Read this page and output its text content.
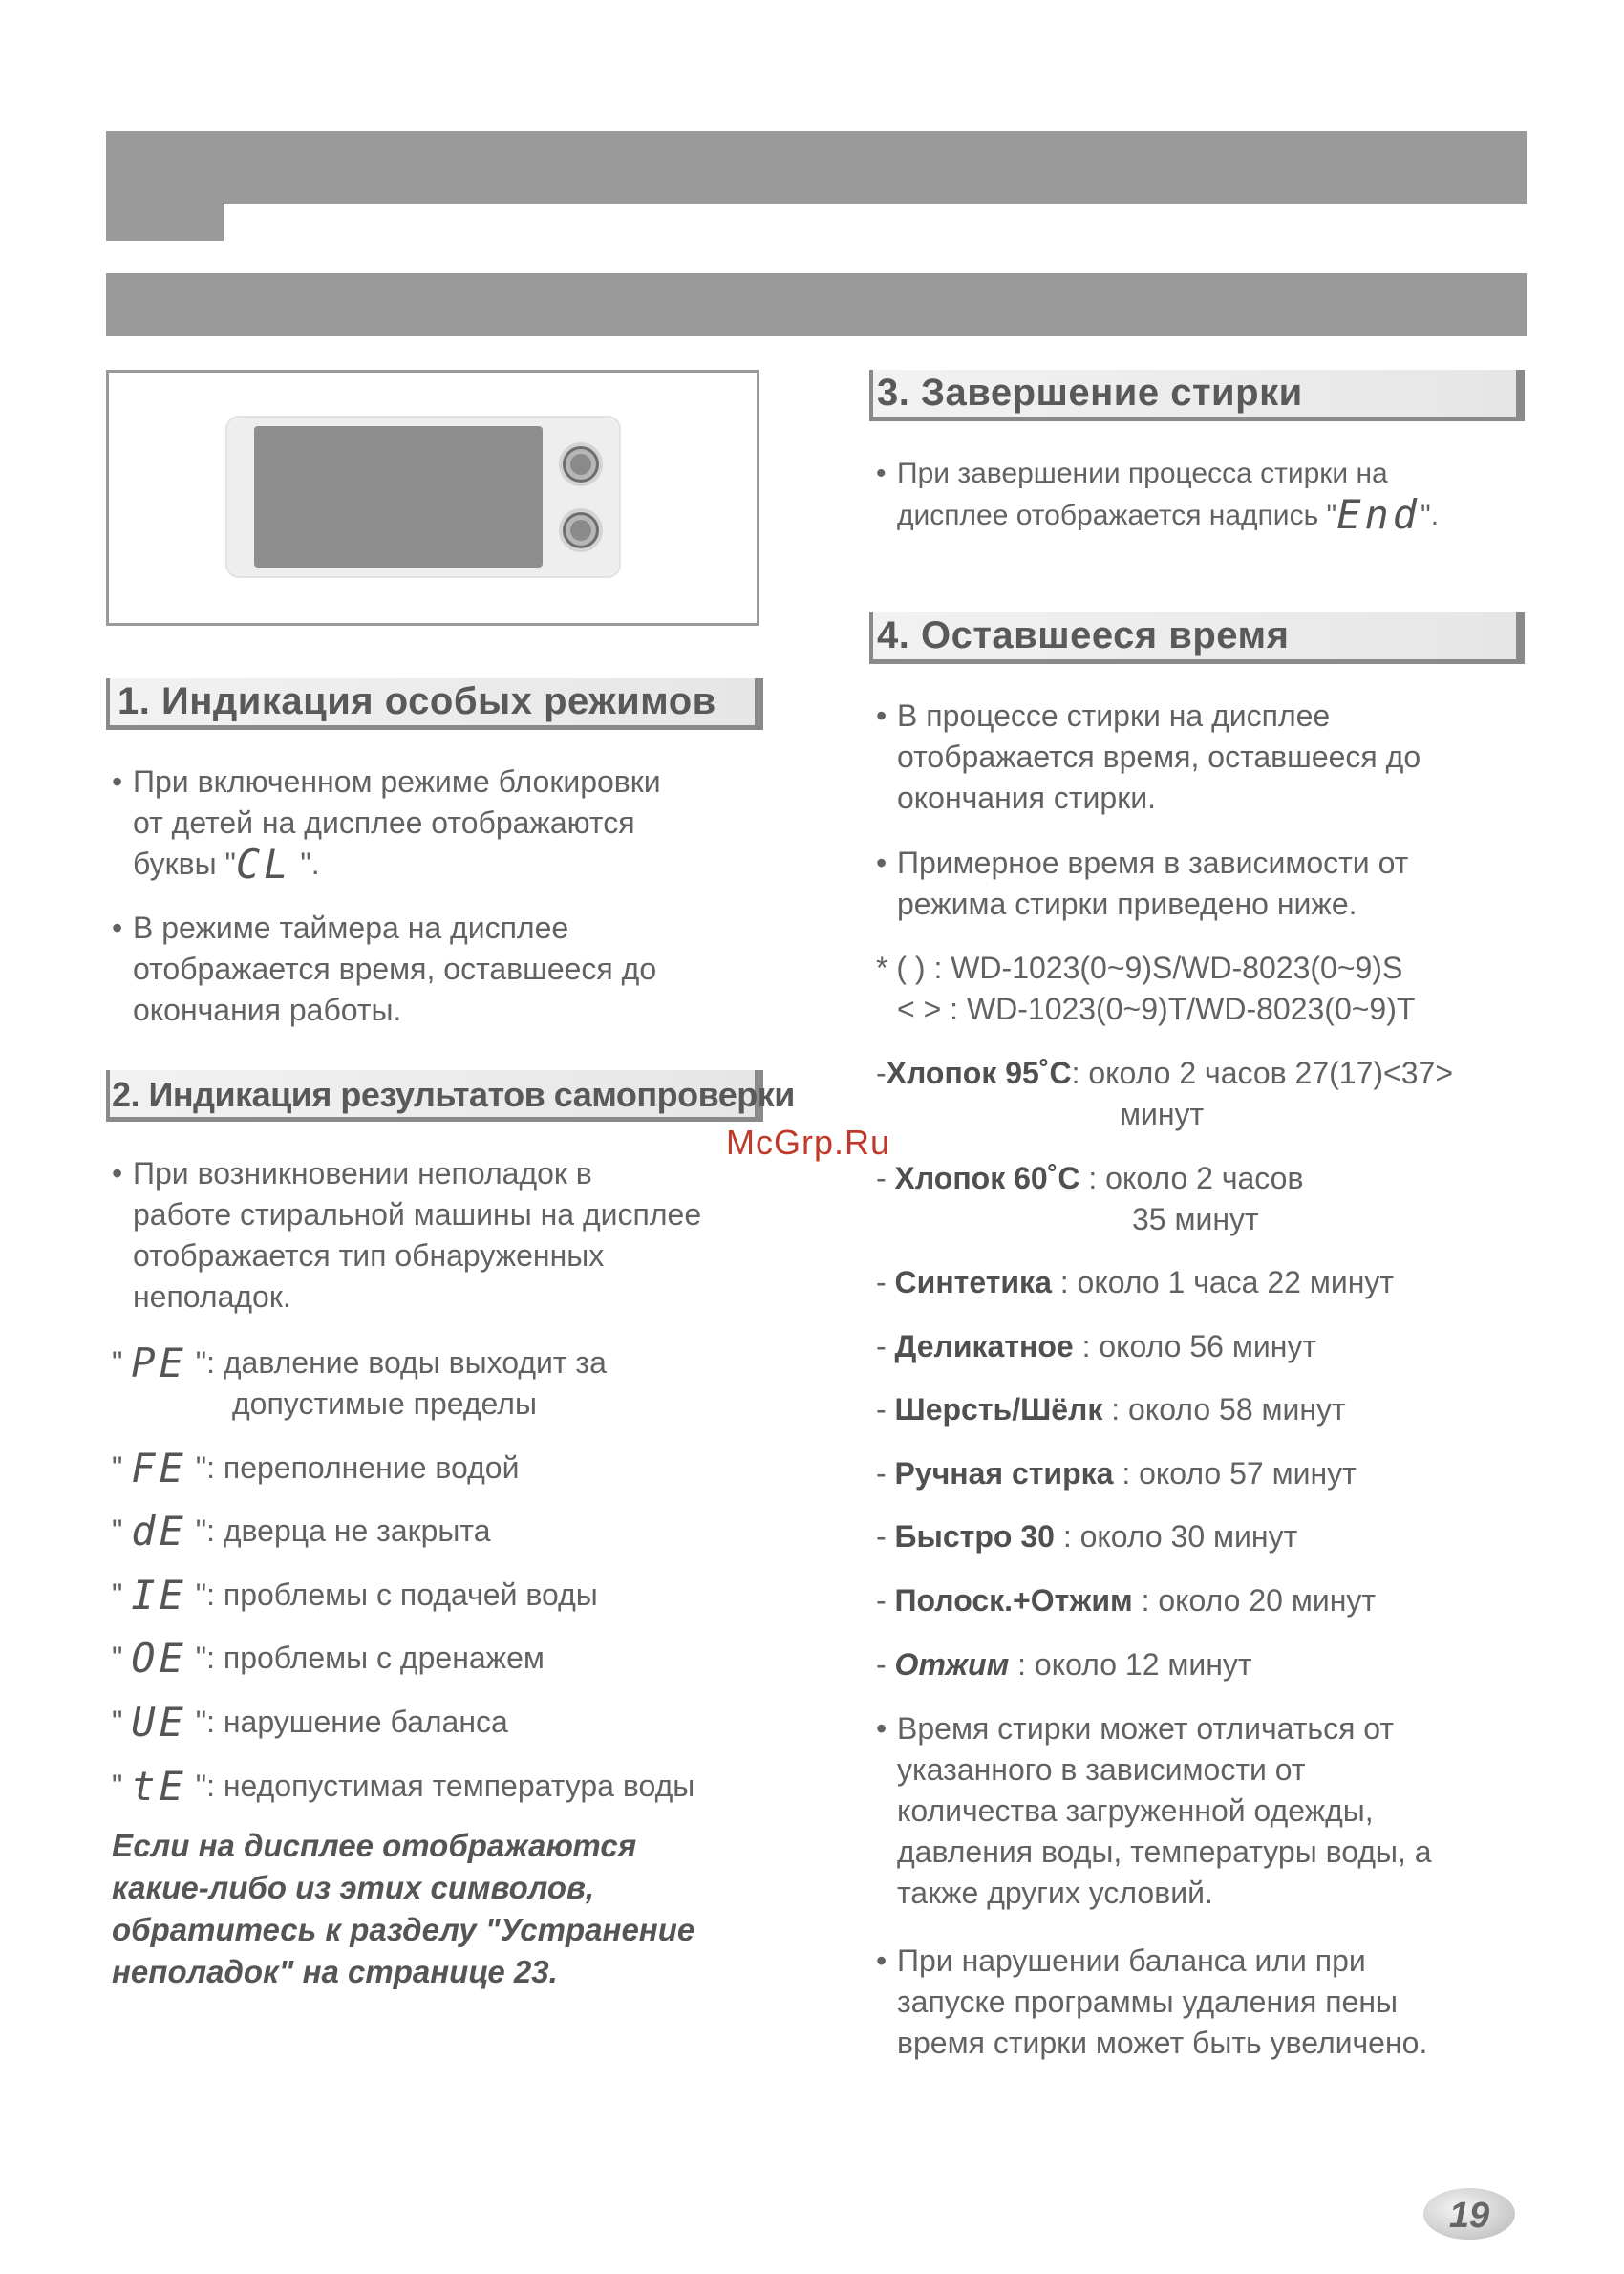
1. Индикация особых режимов
• При включенном режиме блокировки
от детей на дисплее отображаются
буквы "CL ".
• В режиме таймера на дисплее
отображается время, оставшееся до
окончания работы.
2. Индикация результатов самопроверки
• При возникновении неполадок в
работе стиральной машины на дисплее
отображается тип обнаруженных
неполадок.
" PE ": давление воды выходит за
допустимые пределы
" FE ": переполнение водой
" dE ": дверца не закрыта
" IE ": проблемы с подачей воды
" OE ": проблемы с дренажем
" UE ": нарушение баланса
" tE ": недопустимая температура воды
Если на дисплее отображаются
какие-либо из этих символов,
обратитесь к разделу "Устранение
неполадок" на странице 23.
3. Завершение стирки
• При завершении процесса стирки на
дисплее отображается надпись "End".
4. Оставшееся время
• В процессе стирки на дисплее
отображается время, оставшееся до
окончания стирки.
• Примерное время в зависимости от
режима стирки приведено ниже.
* ( ) : WD-1023(0~9)S/WD-8023(0~9)S
< > : WD-1023(0~9)T/WD-8023(0~9)T
-Хлопок 95˚C: около 2 часов 27(17)<37>
минут
- Хлопок 60˚C : около 2 часов
35 минут
- Синтетика : около 1 часа 22 минут
- Деликатное : около 56 минут
- Шерсть/Шёлк : около 58 минут
- Ручная стирка : около 57 минут
- Быстро 30 : около 30 минут
- Полоск.+Отжим : около 20 минут
- Отжим : около 12 минут
• Время стирки может отличаться от
указанного в зависимости от
количества загруженной одежды,
давления воды, температуры воды, а
также других условий.
• При нарушении баланса или при
запуске программы удаления пены
время стирки может быть увеличено.
McGrp.Ru
19
